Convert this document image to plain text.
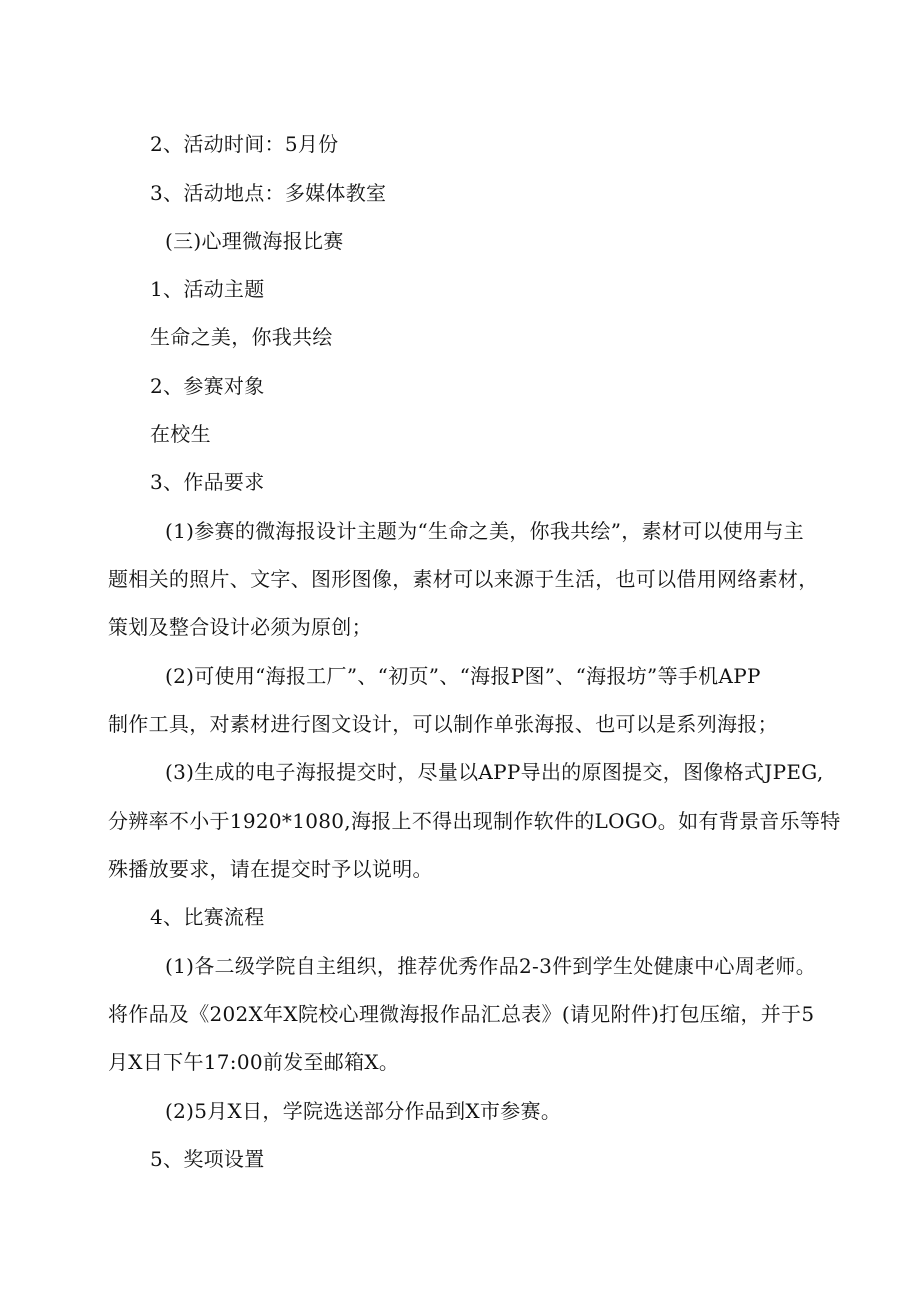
2、活动时间：5月份
3、活动地点：多媒体教室
(三)心理微海报比赛
1、活动主题
生命之美，你我共绘
2、参赛对象
在校生
3、作品要求
(1)参赛的微海报设计主题为“生命之美，你我共绘”，素材可以使用与主
题相关的照片、文字、图形图像，素材可以来源于生活，也可以借用网络素材，
策划及整合设计必须为原创；
(2)可使用“海报工厂”、“初页”、“海报P图”、“海报坊”等手机APP
制作工具，对素材进行图文设计，可以制作单张海报、也可以是系列海报；
(3)生成的电子海报提交时，尽量以APP导出的原图提交，图像格式JPEG,
分辨率不小于1920*1080,海报上不得出现制作软件的LOGO。如有背景音乐等特
殊播放要求，请在提交时予以说明。
4、比赛流程
(1)各二级学院自主组织，推荐优秀作品2-3件到学生处健康中心周老师。
将作品及《202X年X院校心理微海报作品汇总表》(请见附件)打包压缩，并于5
月X日下午17:00前发至邮箱X。
(2)5月X日，学院选送部分作品到X市参赛。
5、奖项设置
